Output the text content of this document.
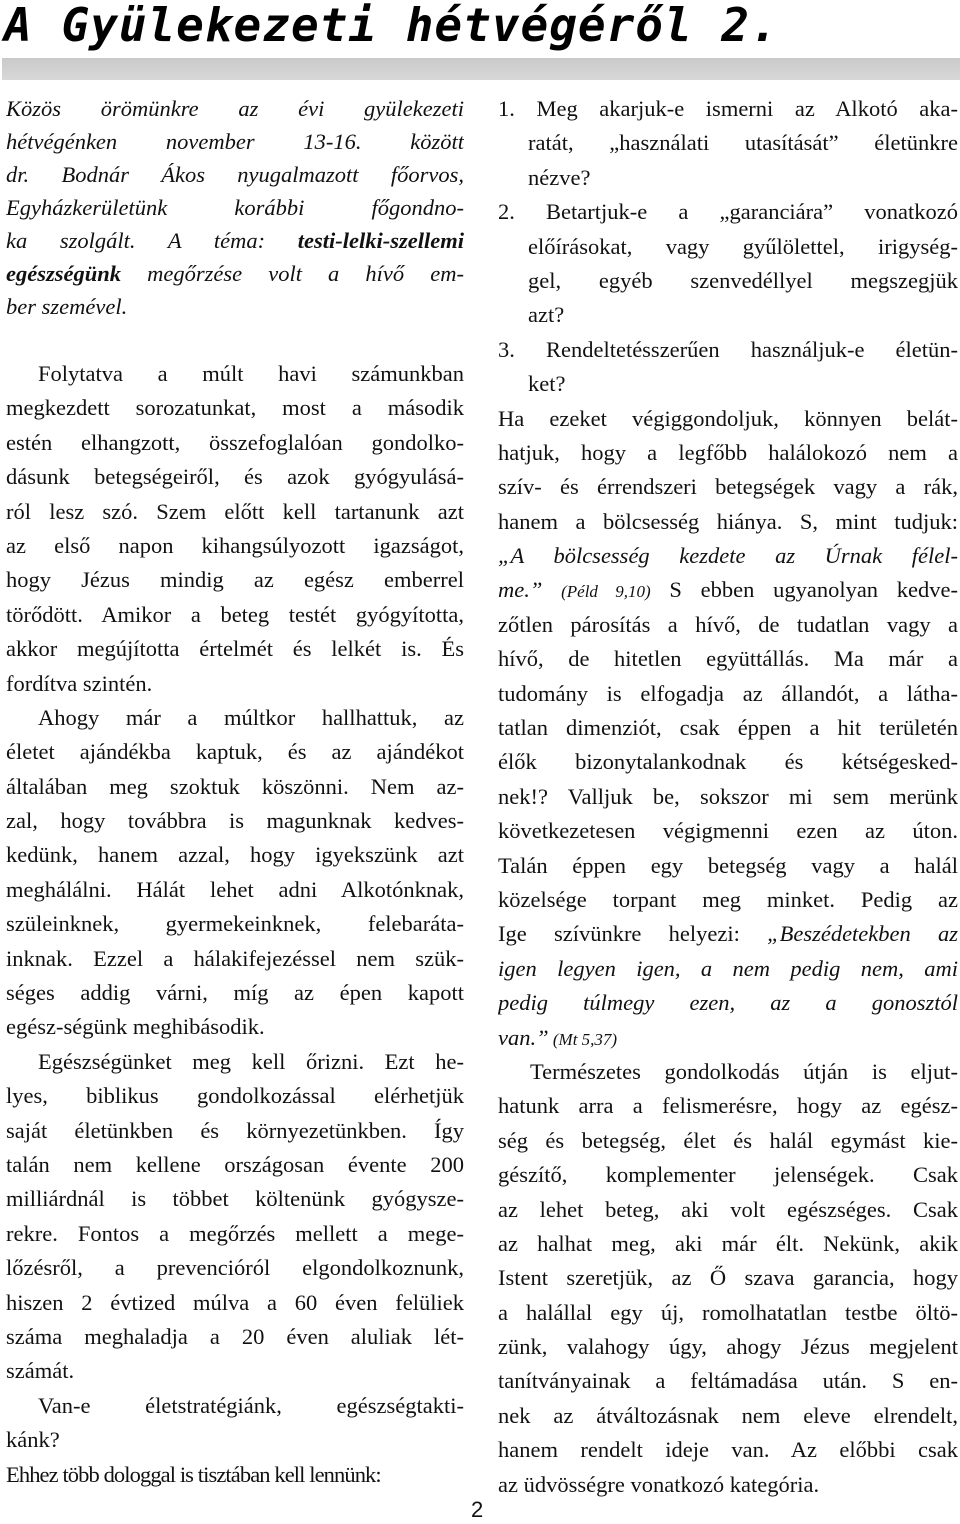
A Gyülekezeti hétvégéről 2.
Közös örömünkre az évi gyülekezeti
hétvégénken november 13-16. között
dr. Bodnár Ákos nyugalmazott főorvos,
Egyházkerületünk korábbi főgondno-
ka szolgált. A téma: testi-lelki-szellemi
egészségünk megőrzése volt a hívő em-
ber szemével.
Folytatva a múlt havi számunkban
megkezdett sorozatunkat, most a második
estén elhangzott, összefoglalóan gondolko-
dásunk betegségeiről, és azok gyógyulásá-
ról lesz szó. Szem előtt kell tartanunk azt
az első napon kihangsúlyozott igazságot,
hogy Jézus mindig az egész emberrel
törődött. Amikor a beteg testét gyógyította,
akkor megújította értelmét és lelkét is. És
fordítva szintén.
Ahogy már a múltkor hallhattuk, az
életet ajándékba kaptuk, és az ajándékot
általában meg szoktuk köszönni. Nem az-
zal, hogy továbbra is magunknak kedves-
kedünk, hanem azzal, hogy igyekszünk azt
meghálálni. Hálát lehet adni Alkotónknak,
szüleinknek, gyermekeinknek, felebaráta-
inknak. Ezzel a hálakifejezéssel nem szük-
séges addig várni, míg az épen kapott
egész-ségünk meghibásodik.
Egészségünket meg kell őrizni. Ezt he-
lyes, biblikus gondolkozással elérhetjük
saját életünkben és környezetünkben. Így
talán nem kellene országosan évente 200
milliárdnál is többet költenünk gyógysze-
rekre. Fontos a megőrzés mellett a mege-
lőzésről, a prevencióról elgondolkoznunk,
hiszen 2 évtized múlva a 60 éven felüliek
száma meghaladja a 20 éven aluliak lét-
számát.
Van-e életstratégiánk, egészségtakti-
kánk?
Ehhez több dologgal is tisztában kell lennünk:
1. Meg akarjuk-e ismerni az Alkotó aka-
ratát, „használati utasítását” életünkre
nézve?
2. Betartjuk-e a „garanciára” vonatkozó
előírásokat, vagy gyűlölettel, irigység-
gel, egyéb szenvedéllyel megszegjük
azt?
3. Rendeltetésszerűen használjuk-e életün-
ket?
Ha ezeket végiggondoljuk, könnyen belát-
hatjuk, hogy a legfőbb halálokozó nem a
szív- és érrendszeri betegségek vagy a rák,
hanem a bölcsesség hiánya. S, mint tudjuk:
„A bölcsesség kezdete az Úrnak félel-
me.” (Péld 9,10) S ebben ugyanolyan kedve-
zőtlen párosítás a hívő, de tudatlan vagy a
hívő, de hitetlen együttállás. Ma már a
tudomány is elfogadja az állandót, a látha-
tatlan dimenziót, csak éppen a hit területén
élők bizonytalankodnak és kétségesked-
nek!? Valljuk be, sokszor mi sem merünk
következetesen végigmenni ezen az úton.
Talán éppen egy betegség vagy a halál
közelsége torpant meg minket. Pedig az
Ige szívünkre helyezi: „Beszédetekben az
igen legyen igen, a nem pedig nem, ami
pedig túlmegy ezen, az a gonosztól
van.” (Mt 5,37)
Természetes gondolkodás útján is eljut-
hatunk arra a felismerésre, hogy az egész-
ség és betegség, élet és halál egymást kie-
gészítő, komplementer jelenségek. Csak
az lehet beteg, aki volt egészséges. Csak
az halhat meg, aki már élt. Nekünk, akik
Istent szeretjük, az Ő szava garancia, hogy
a halállal egy új, romolhatatlan testbe öltö-
zünk, valahogy úgy, ahogy Jézus megjelent
tanítványainak a feltámadása után. S en-
nek az átváltozásnak nem eleve elrendelt,
hanem rendelt ideje van. Az előbbi csak
az üdvösségre vonatkozó kategória.
2
